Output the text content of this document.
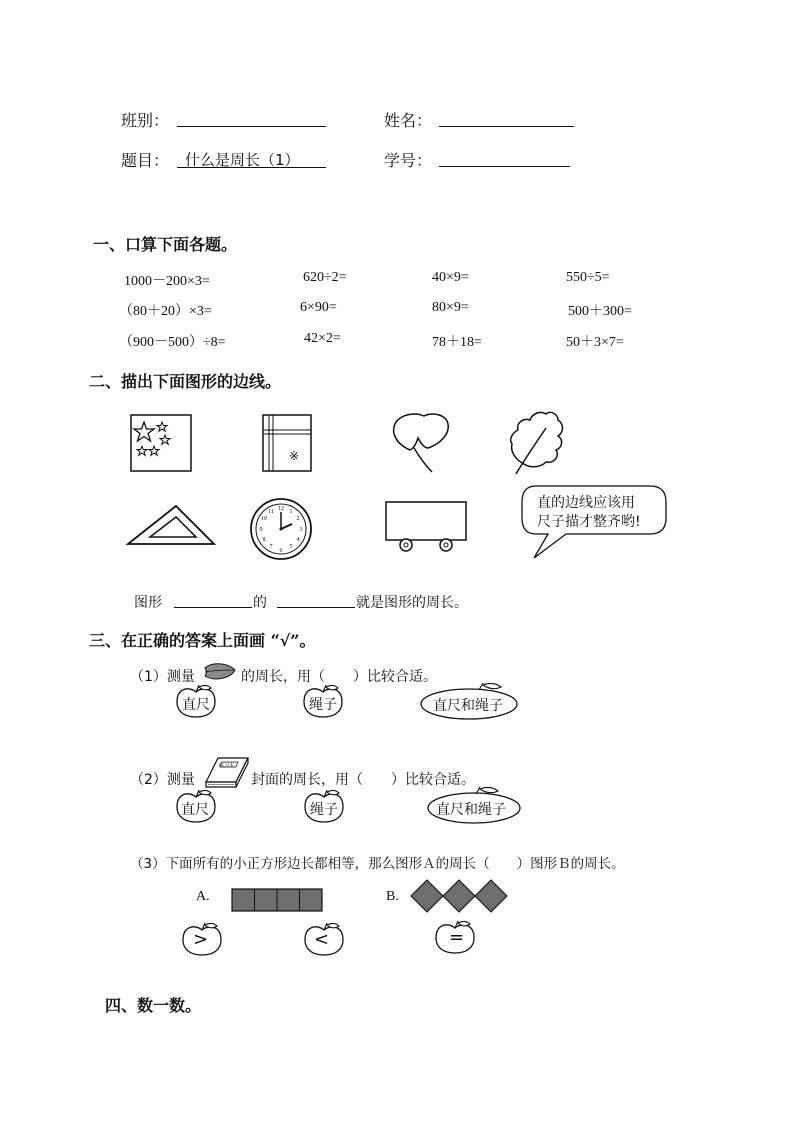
班别：	姓名：
题目： 什么是周长（1）	学号：
一、口算下面各题。
1000－200×3=	620÷2=	40×9=	550÷5=
（80＋20）×3=	6×90=	80×9=	500＋300=
（900－500）÷8=	42×2=	78＋18=	50＋3×7=
二、描出下面图形的边线。
※
12 1
2
3
4
5
6
7
8
9
10
11
直的边线应该用
尺子描才整齐哟!
图形	的	就是图形的周长。
三、在正确的答案上面画 “√”。
（1）测量	的周长，用（　　）比较合适。
直尺	绳子	直尺和绳子
（2）测量
练习本
封面的周长，用（　　）比较合适。
直尺	绳子	直尺和绳子
（3）下面所有的小正方形边长都相等，那么图形Ａ的周长（　　）图形Ｂ的周长。
A.	B.
>	<	=
四、数一数。
